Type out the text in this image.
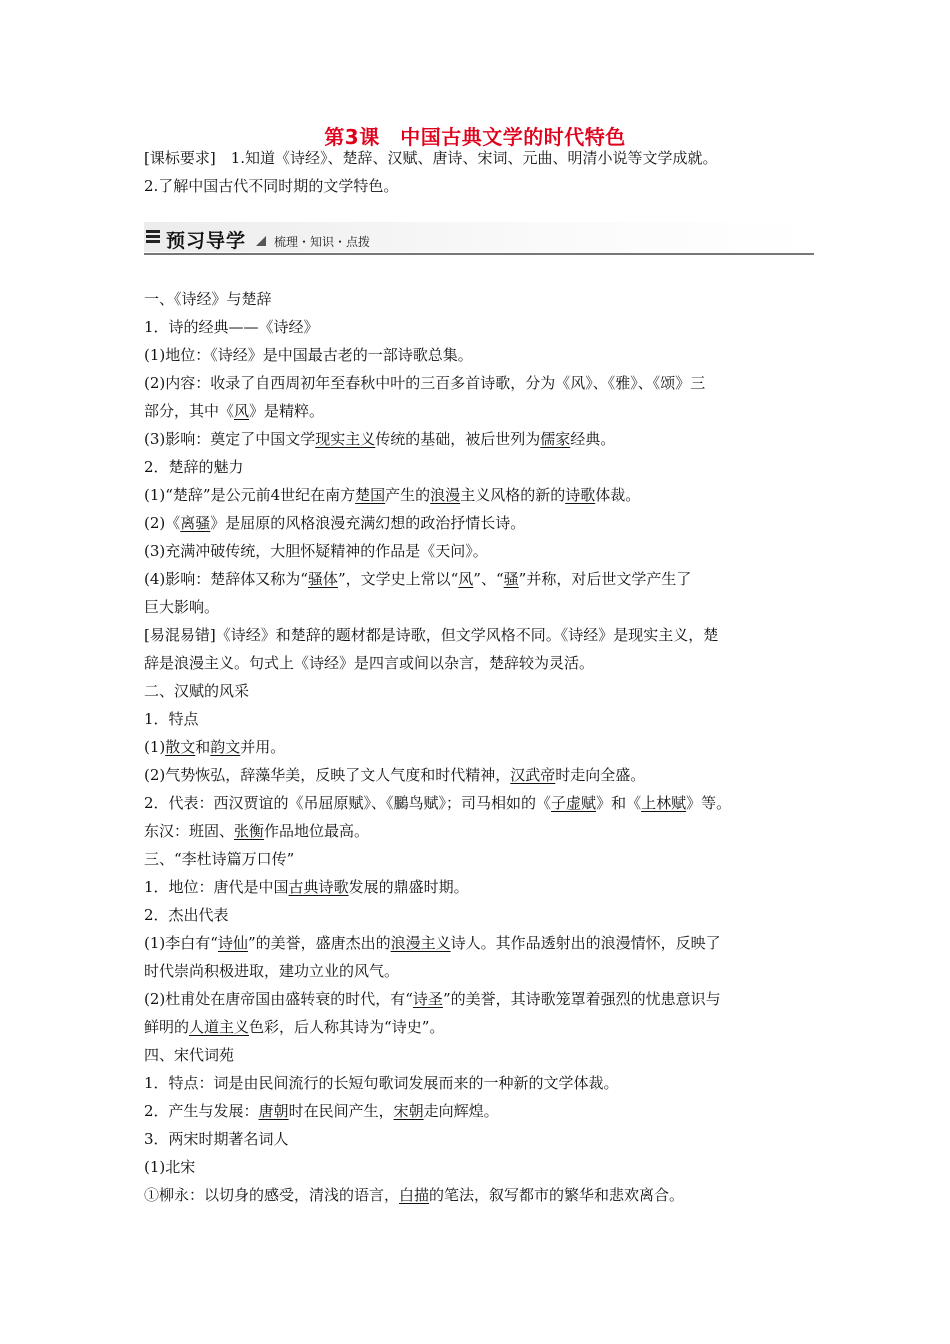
第3课　中国古典文学的时代特色
[课标要求]　1.知道《诗经》、楚辞、汉赋、唐诗、宋词、元曲、明清小说等文学成就。
2.了解中国古代不同时期的文学特色。
预习导学 梳理・知识・点拨
一、《诗经》与楚辞
1．诗的经典——《诗经》
(1)地位：《诗经》是中国最古老的一部诗歌总集。
(2)内容：收录了自西周初年至春秋中叶的三百多首诗歌，分为《风》、《雅》、《颂》三
部分，其中《风》是精粹。
(3)影响：奠定了中国文学现实主义传统的基础，被后世列为儒家经典。
2．楚辞的魅力
(1)“楚辞”是公元前4世纪在南方楚国产生的浪漫主义风格的新的诗歌体裁。
(2)《离骚》是屈原的风格浪漫充满幻想的政治抒情长诗。
(3)充满冲破传统，大胆怀疑精神的作品是《天问》。
(4)影响：楚辞体又称为“骚体”，文学史上常以“风”、“骚”并称，对后世文学产生了
巨大影响。
[易混易错]《诗经》和楚辞的题材都是诗歌，但文学风格不同。《诗经》是现实主义，楚
辞是浪漫主义。句式上《诗经》是四言或间以杂言，楚辞较为灵活。
二、汉赋的风采
1．特点
(1)散文和韵文并用。
(2)气势恢弘，辞藻华美，反映了文人气度和时代精神，汉武帝时走向全盛。
2．代表：西汉贾谊的《吊屈原赋》、《鵩鸟赋》；司马相如的《子虚赋》和《上林赋》等。
东汉：班固、张衡作品地位最高。
三、“李杜诗篇万口传”
1．地位：唐代是中国古典诗歌发展的鼎盛时期。
2．杰出代表
(1)李白有“诗仙”的美誉，盛唐杰出的浪漫主义诗人。其作品透射出的浪漫情怀，反映了
时代崇尚积极进取，建功立业的风气。
(2)杜甫处在唐帝国由盛转衰的时代，有“诗圣”的美誉，其诗歌笼罩着强烈的忧患意识与
鲜明的人道主义色彩，后人称其诗为“诗史”。
四、宋代词苑
1．特点：词是由民间流行的长短句歌词发展而来的一种新的文学体裁。
2．产生与发展：唐朝时在民间产生，宋朝走向辉煌。
3．两宋时期著名词人
(1)北宋
①柳永：以切身的感受，清浅的语言，白描的笔法，叙写都市的繁华和悲欢离合。
